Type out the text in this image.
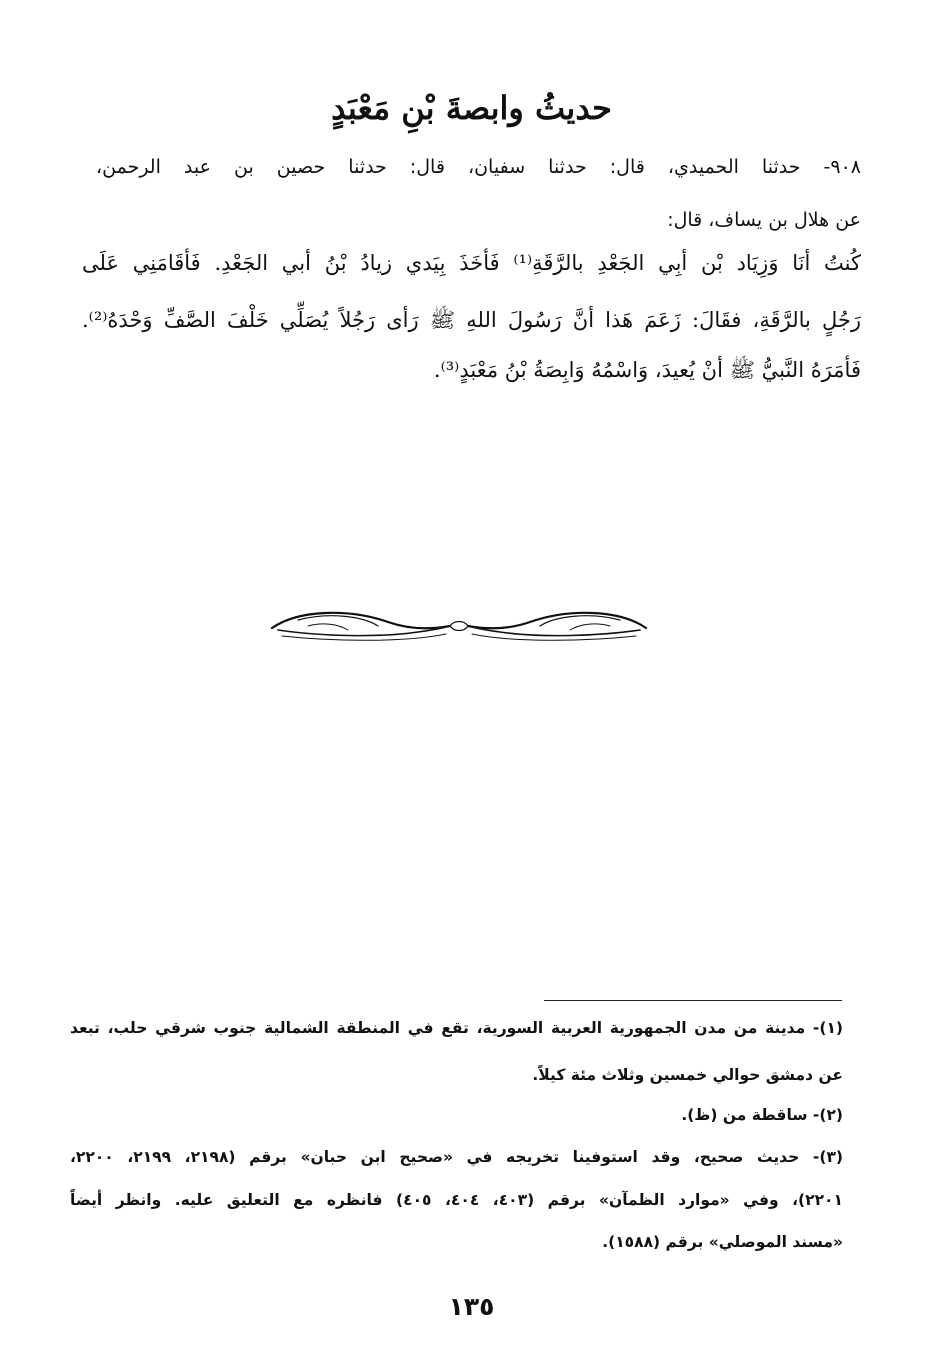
حديثُ وابصةَ بْنِ مَعْبَدٍ
٩٠٨- حدثنا الحميدي، قال: حدثنا سفيان، قال: حدثنا حصين بن عبد الرحمن،
عن هلال بن يساف، قال:
كُنتُ أنَا وَزِيَاد بْن أبِي الجَعْدِ بالرَّقَةِ⁽¹⁾ فَأخَذَ بِيَدي زيادُ بْنُ أبي الجَعْدِ. فَأقَامَنِي عَلَى
رَجُلٍ بالرَّقَةِ، فقَالَ: زَعَمَ هَذا أنَّ رَسُولَ اللهِ ﷺ رَأى رَجُلاً يُصَلِّي خَلْفَ الصَّفِّ وَحْدَهُ⁽²⁾.
فَأمَرَهُ النَّبيُّ ﷺ أنْ يُعيدَ، وَاسْمُهُ وَابِصَةُ بْنُ مَعْبَدٍ⁽³⁾.
(١)- مدينة من مدن الجمهورية العربية السورية، تقع في المنطقة الشمالية جنوب شرقي حلب، تبعد
عن دمشق حوالي خمسين وثلاث مئة كيلاً.
(٢)- ساقطة من (ظ).
(٣)- حديث صحيح، وقد استوفينا تخريجه في «صحيح ابن حبان» برقم (٢١٩٨، ٢١٩٩، ٢٢٠٠،
٢٢٠١)، وفي «موارد الظمآن» برقم (٤٠٣، ٤٠٤، ٤٠٥) فانظره مع التعليق عليه. وانظر أيضاً
«مسند الموصلي» برقم (١٥٨٨).
١٣٥
